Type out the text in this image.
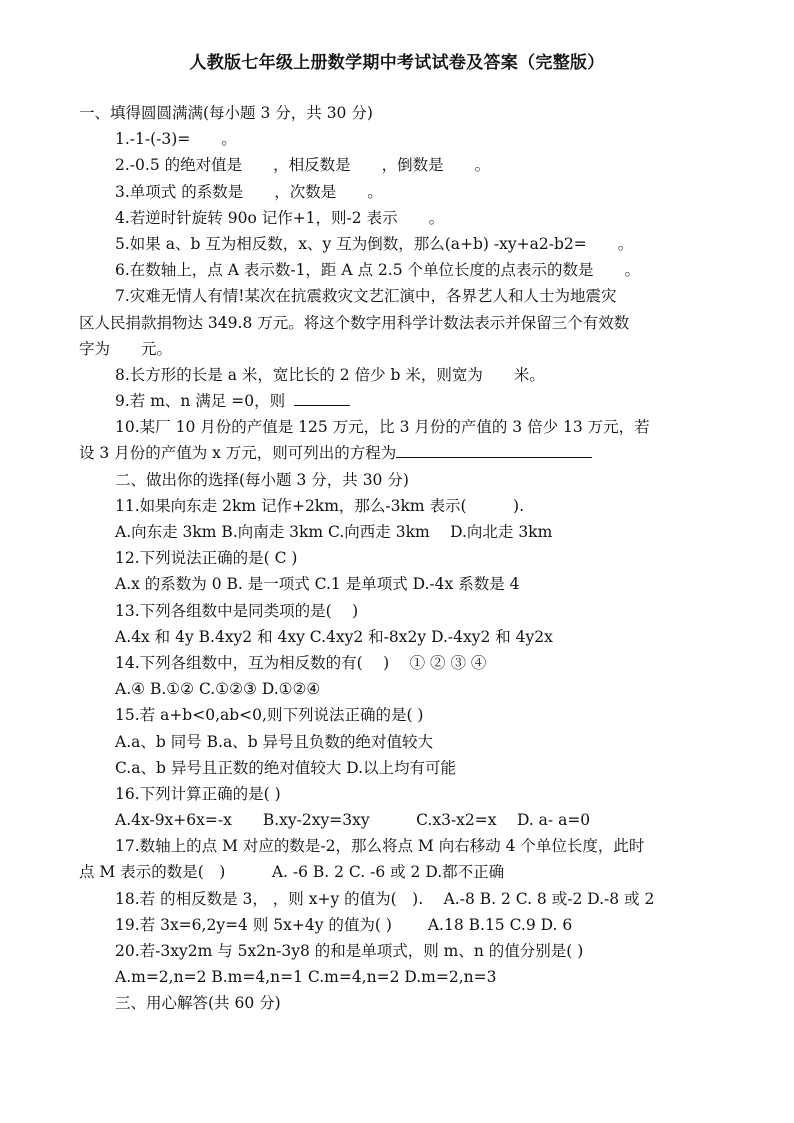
人教版七年级上册数学期中考试试卷及答案（完整版）
一、填得圆圆满满(每小题 3 分，共 30 分)
1.-1-(-3)=　　。
2.-0.5 的绝对值是　　，相反数是　　，倒数是　　。
3.单项式 的系数是　　，次数是　　。
4.若逆时针旋转 90o 记作+1，则-2 表示　　。
5.如果 a、b 互为相反数，x、y 互为倒数，那么(a+b) -xy+a2-b2=　　。
6.在数轴上，点 A 表示数-1，距 A 点 2.5 个单位长度的点表示的数是　　。
7.灾难无情人有情!某次在抗震救灾文艺汇演中，各界艺人和人士为地震灾
区人民捐款捐物达 349.8 万元。将这个数字用科学计数法表示并保留三个有效数
字为　　元。
8.长方形的长是 a 米，宽比长的 2 倍少 b 米，则宽为　　米。
9.若 m、n 满足 =0，则
10.某厂 10 月份的产值是 125 万元，比 3 月份的产值的 3 倍少 13 万元，若
设 3 月份的产值为 x 万元，则可列出的方程为
二、做出你的选择(每小题 3 分，共 30 分)
11.如果向东走 2km 记作+2km，那么-3km 表示(　　　).
A.向东走 3km B.向南走 3km C.向西走 3km　 D.向北走 3km
12.下列说法正确的是( C )
A.x 的系数为 0 B. 是一项式 C.1 是单项式 D.-4x 系数是 4
13.下列各组数中是同类项的是(　 )
A.4x 和 4y B.4xy2 和 4xy C.4xy2 和-8x2y D.-4xy2 和 4y2x
14.下列各组数中，互为相反数的有(　 )　 ① ② ③ ④
A.④ B.①② C.①②③ D.①②④
15.若 a+b<0,ab<0,则下列说法正确的是( )
A.a、b 同号 B.a、b 异号且负数的绝对值较大
C.a、b 异号且正数的绝对值较大 D.以上均有可能
16.下列计算正确的是( )
A.4x-9x+6x=-x　　B.xy-2xy=3xy　　　C.x3-x2=x　 D. a- a=0
17.数轴上的点 M 对应的数是-2，那么将点 M 向右移动 4 个单位长度，此时
点 M 表示的数是(　)　　　A. -6 B. 2 C. -6 或 2 D.都不正确
18.若 的相反数是 3， ，则 x+y 的值为(　).　 A.-8 B. 2 C. 8 或-2 D.-8 或 2
19.若 3x=6,2y=4 则 5x+4y 的值为( )　　 A.18 B.15 C.9 D. 6
20.若-3xy2m 与 5x2n-3y8 的和是单项式，则 m、n 的值分别是( )
A.m=2,n=2 B.m=4,n=1 C.m=4,n=2 D.m=2,n=3
三、用心解答(共 60 分)
